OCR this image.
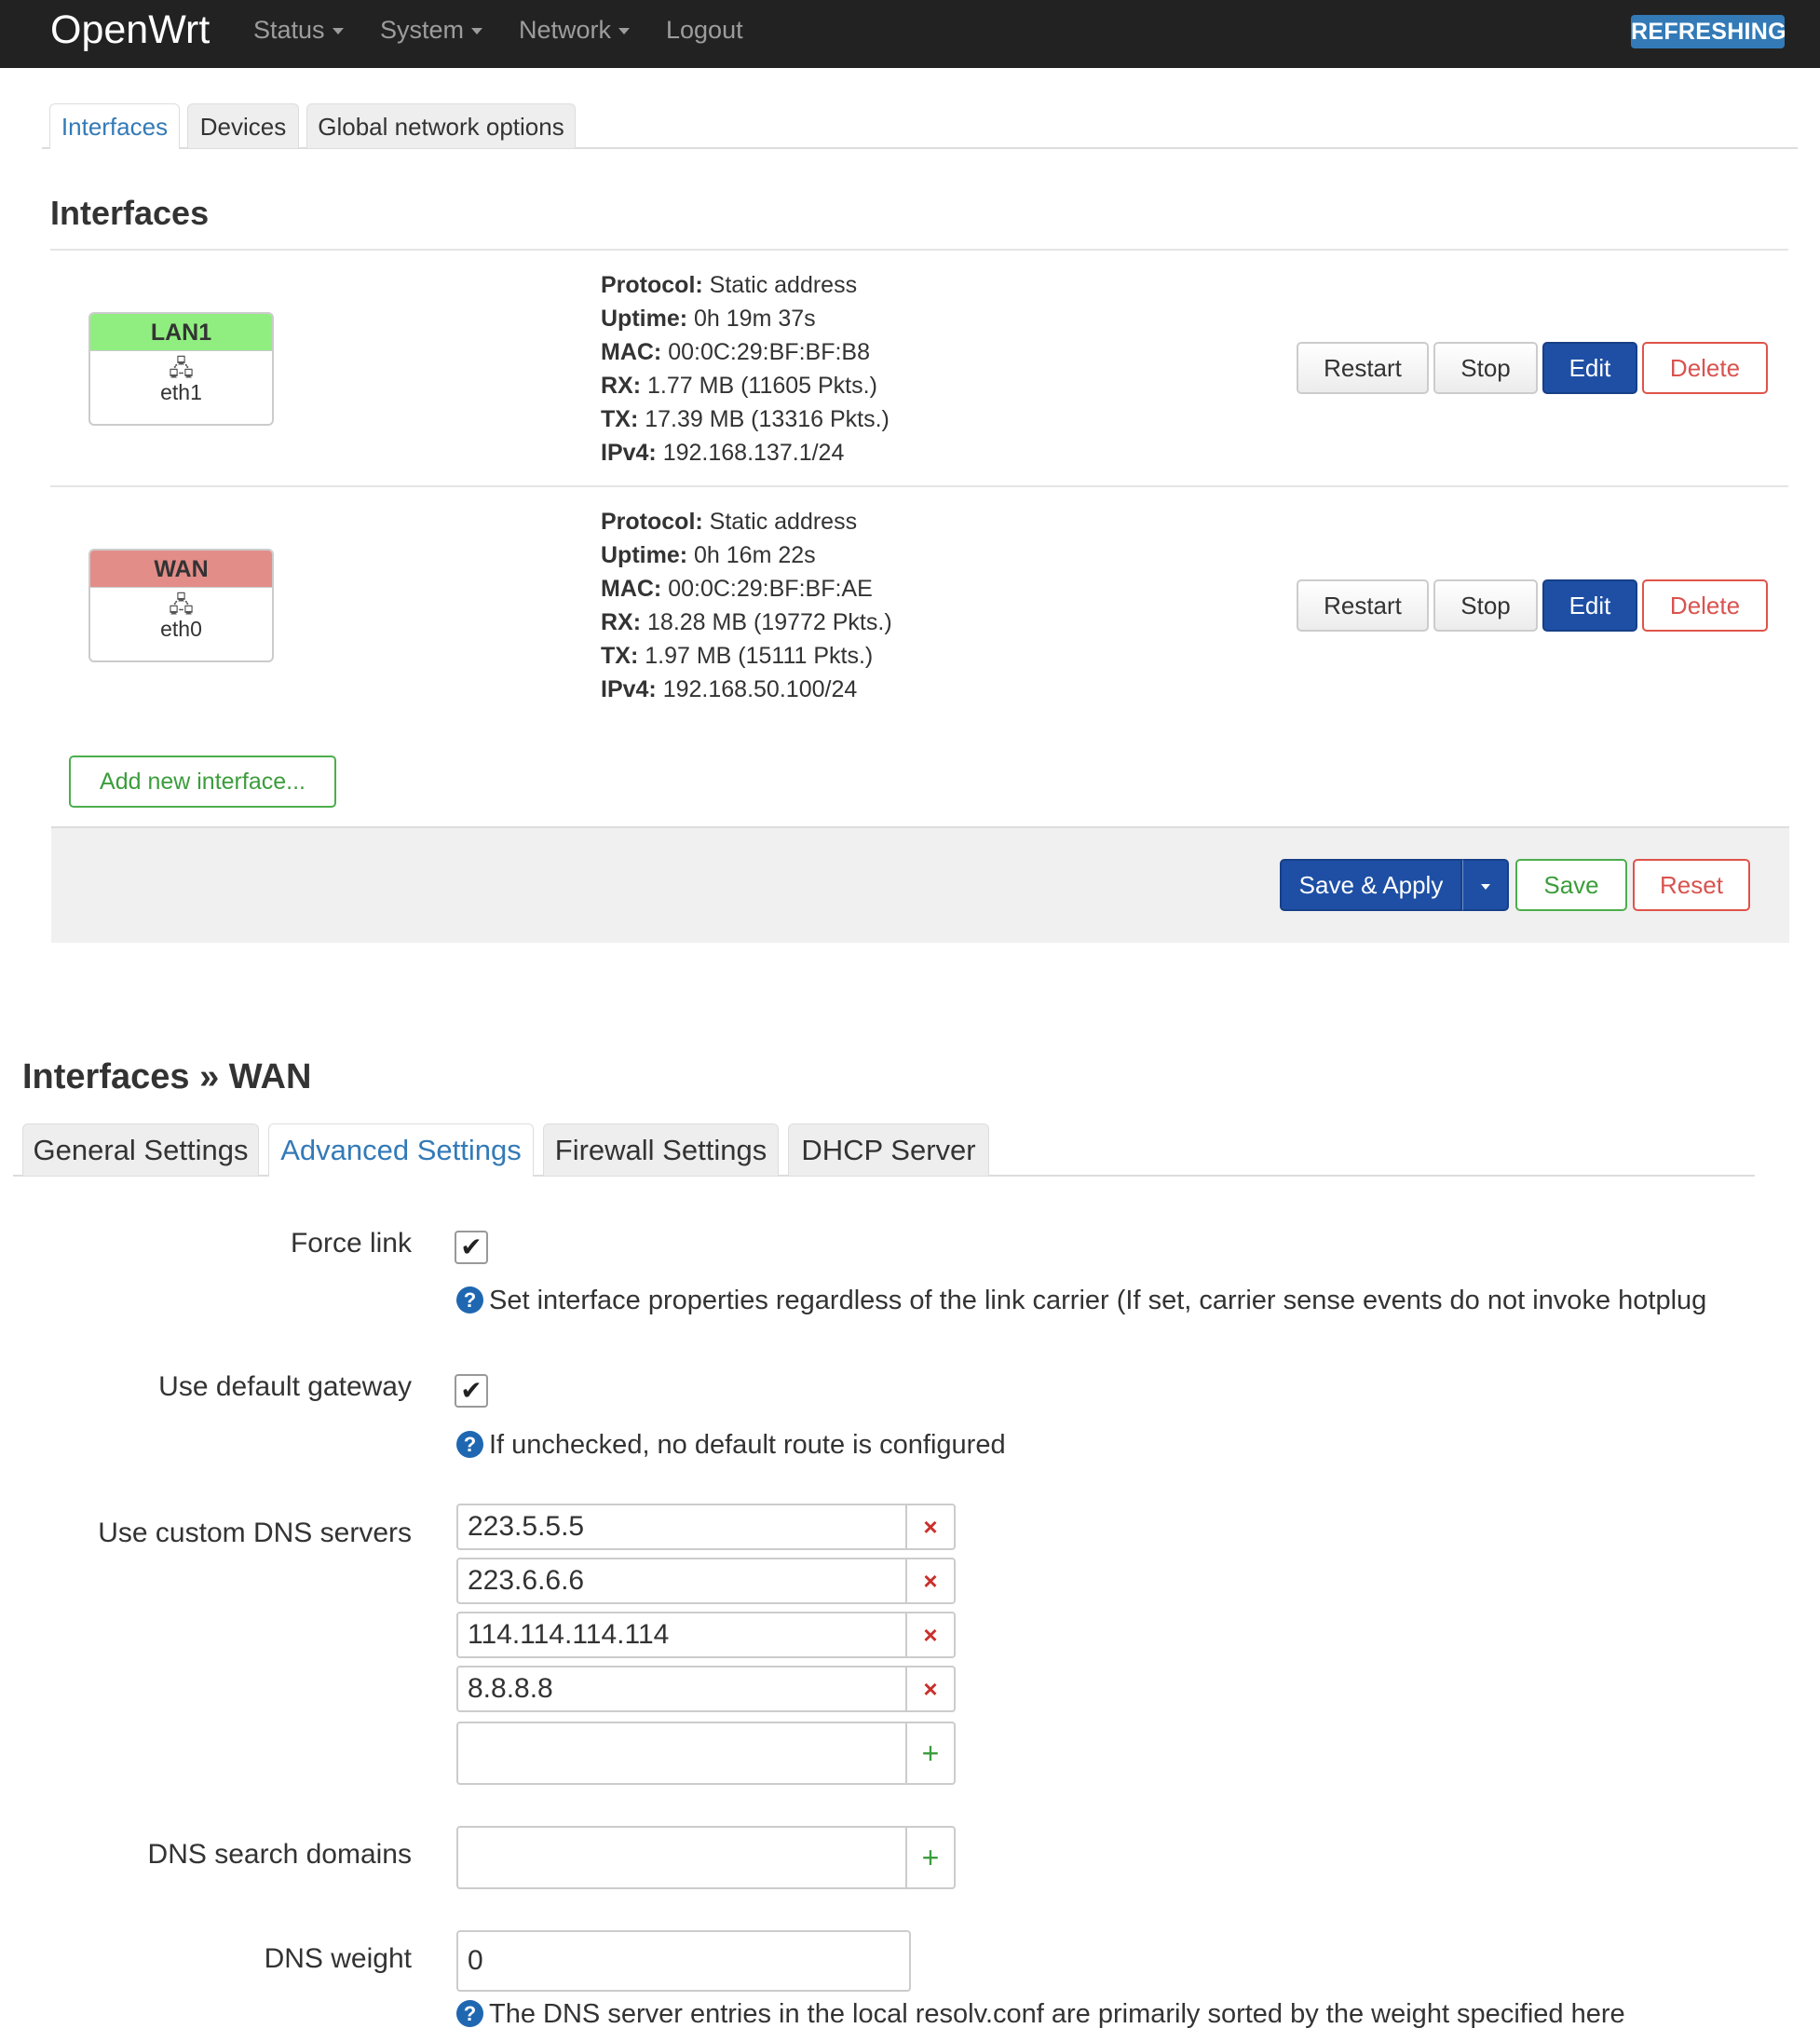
OpenWrt Status	System	Network	Logout	REFRESHING
Interfaces	Devices	Global network options
Interfaces
LAN1
🖧
eth1
Protocol: Static address
Uptime: 0h 19m 37s
MAC: 00:0C:29:BF:BF:B8
RX: 1.77 MB (11605 Pkts.)
TX: 17.39 MB (13316 Pkts.)
IPv4: 192.168.137.1/24
Restart	Stop	Edit	Delete
WAN
🖧
eth0
Protocol: Static address
Uptime: 0h 16m 22s
MAC: 00:0C:29:BF:BF:AE
RX: 18.28 MB (19772 Pkts.)
TX: 1.97 MB (15111 Pkts.)
IPv4: 192.168.50.100/24
Restart	Stop	Edit	Delete
Add new interface...
Save & Apply	Save	Reset
Interfaces » WAN
General Settings	Advanced Settings	Firewall Settings	DHCP Server
Force link ✔
? Set interface properties regardless of the link carrier (If set, carrier sense events do not invoke hotplug
Use default gateway ✔
? If unchecked, no default route is configured
Use custom DNS servers	223.5.5.5	×
223.6.6.6	×
114.114.114.114	×
8.8.8.8	×
+
DNS search domains	+
DNS weight	0
? The DNS server entries in the local resolv.conf are primarily sorted by the weight specified here
